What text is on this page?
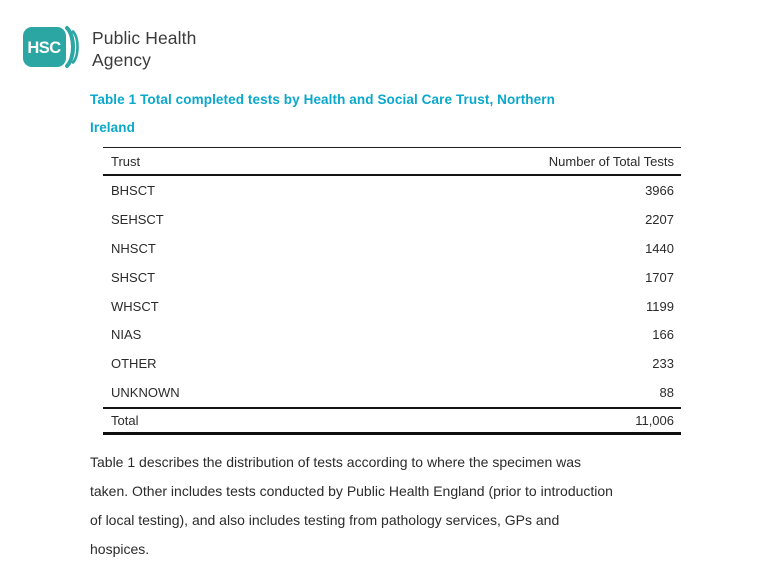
HSC Public Health
Agency
Table 1 Total completed tests by Health and Social Care Trust, Northern
Ireland
Trust	Number of Total Tests
BHSCT	3966
SEHSCT	2207
NHSCT	1440
SHSCT	1707
WHSCT	1199
NIAS	166
OTHER	233
UNKNOWN	88
Total	11,006

Table 1 describes the distribution of tests according to where the specimen was
taken. Other includes tests conducted by Public Health England (prior to introduction
of local testing), and also includes testing from pathology services, GPs and
hospices.
